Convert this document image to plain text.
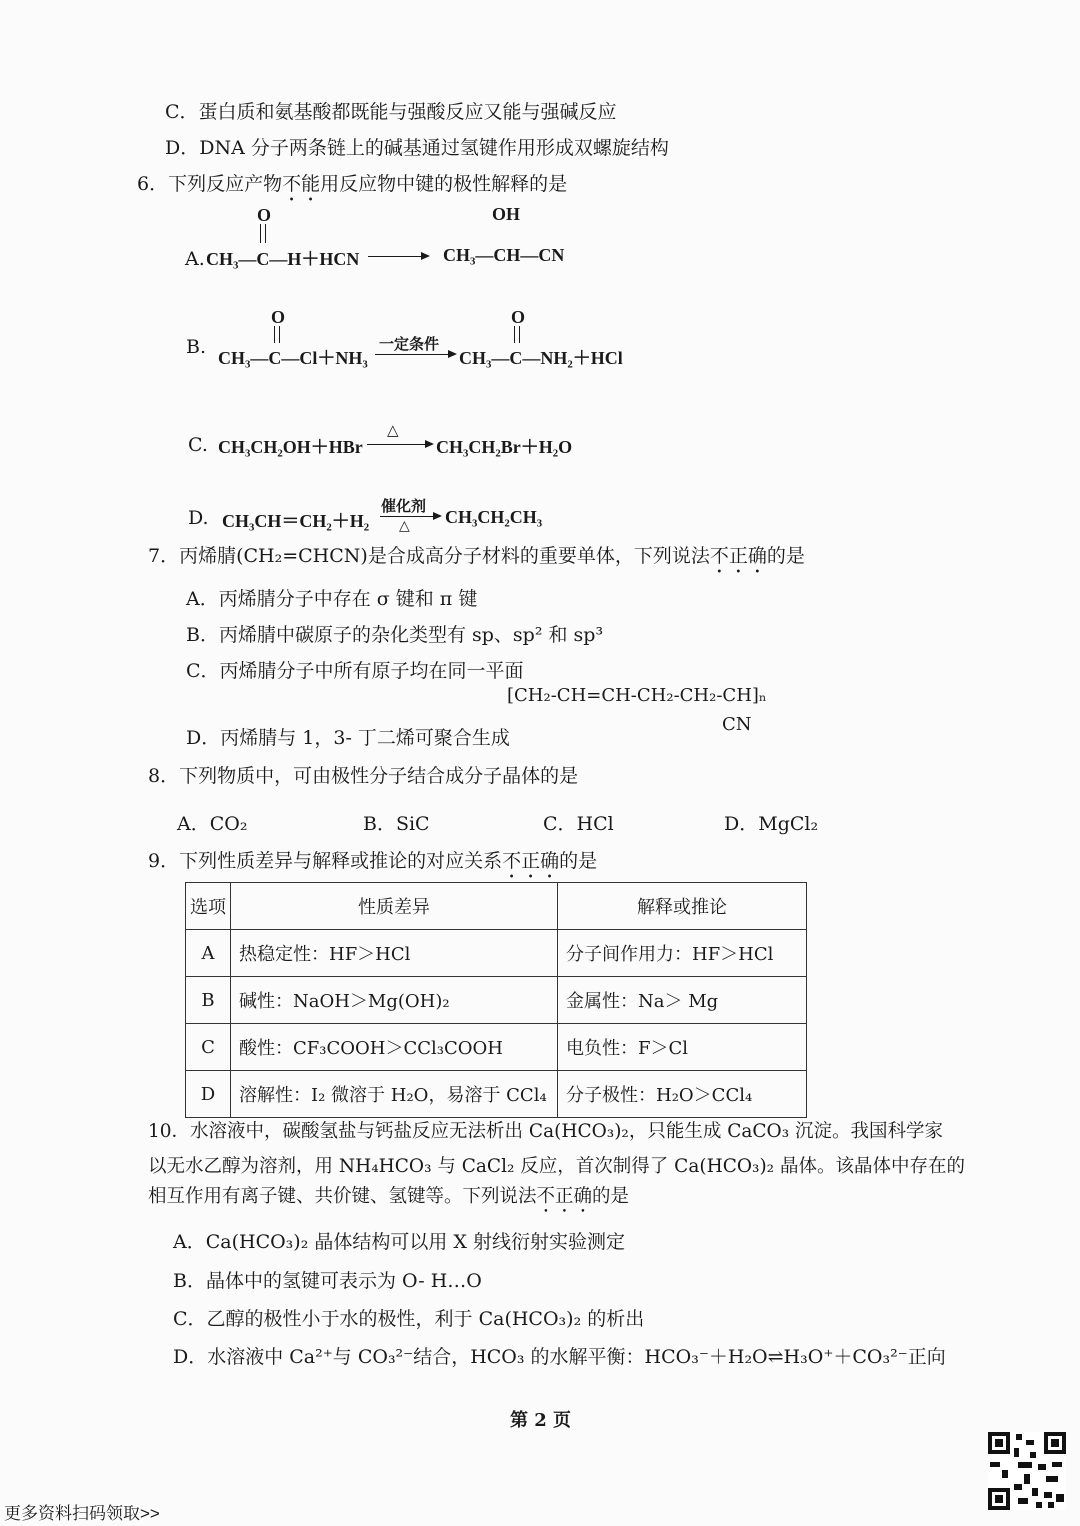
C．蛋白质和氨基酸都既能与强酸反应又能与强碱反应
D．DNA 分子两条链上的碱基通过氢键作用形成双螺旋结构
6．下列反应产物不能用反应物中键的极性解释的是
A. CH₃—C—H＋HCN
O
CH₃—CH—CN
OH
B. CH₃—C—Cl＋NH₃
O
一定条件
CH₃—C—NH₂＋HCl
O
C. CH₃CH₂OH＋HBr
△
CH₃CH₂Br＋H₂O
D. CH₃CH＝CH₂＋H₂
催化剂
△ CH₃CH₂CH₃
7．丙烯腈(CH₂=CHCN)是合成高分子材料的重要单体，下列说法不正确的是
A．丙烯腈分子中存在 σ 键和 π 键
B．丙烯腈中碳原子的杂化类型有 sp、sp² 和 sp³
C．丙烯腈分子中所有原子均在同一平面
D．丙烯腈与 1，3- 丁二烯可聚合生成
[CH₂-CH=CH-CH₂-CH₂-CH]ₙ
CN
8．下列物质中，可由极性分子结合成分子晶体的是
A．CO₂	B．SiC	C．HCl	D．MgCl₂
9．下列性质差异与解释或推论的对应关系不正确的是
选项	性质差异	解释或推论
A	热稳定性：HF＞HCl	分子间作用力：HF＞HCl
B	碱性：NaOH＞Mg(OH)₂	金属性：Na＞ Mg
C	酸性：CF₃COOH＞CCl₃COOH	电负性：F＞Cl
D	溶解性：I₂ 微溶于 H₂O，易溶于 CCl₄	分子极性：H₂O＞CCl₄
10．水溶液中，碳酸氢盐与钙盐反应无法析出 Ca(HCO₃)₂，只能生成 CaCO₃ 沉淀。我国科学家
以无水乙醇为溶剂，用 NH₄HCO₃ 与 CaCl₂ 反应，首次制得了 Ca(HCO₃)₂ 晶体。该晶体中存在的
相互作用有离子键、共价键、氢键等。下列说法不正确的是
A．Ca(HCO₃)₂ 晶体结构可以用 X 射线衍射实验测定
B．晶体中的氢键可表示为 O- H…O
C．乙醇的极性小于水的极性，利于 Ca(HCO₃)₂ 的析出
D．水溶液中 Ca²⁺与 CO₃²⁻结合，HCO₃ 的水解平衡：HCO₃⁻＋H₂O⇌H₃O⁺＋CO₃²⁻正向
第 2 页
更多资料扫码领取>>
